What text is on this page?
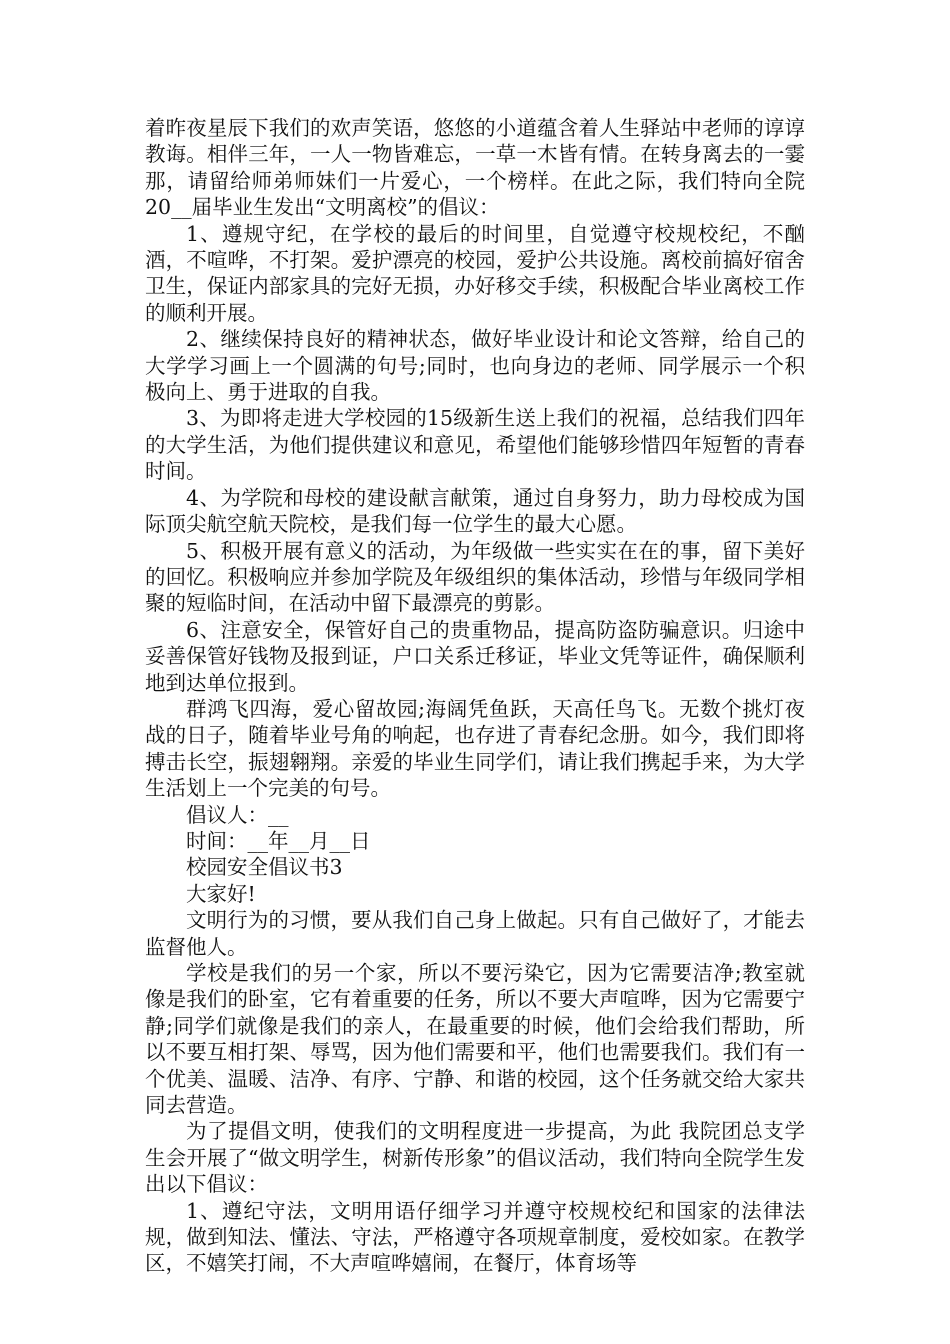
着昨夜星辰下我们的欢声笑语，悠悠的小道蕴含着人生驿站中老师的谆谆教诲。相伴三年，一人一物皆难忘，一草一木皆有情。在转身离去的一霎那，请留给师弟师妹们一片爱心，一个榜样。在此之际，我们特向全院20__届毕业生发出“文明离校”的倡议：

1、遵规守纪，在学校的最后的时间里，自觉遵守校规校纪，不酗酒，不喧哗，不打架。爱护漂亮的校园，爱护公共设施。离校前搞好宿舍卫生，保证内部家具的完好无损，办好移交手续，积极配合毕业离校工作的顺利开展。

2、继续保持良好的精神状态，做好毕业设计和论文答辩，给自己的大学学习画上一个圆满的句号;同时，也向身边的老师、同学展示一个积极向上、勇于进取的自我。

3、为即将走进大学校园的15级新生送上我们的祝福，总结我们四年的大学生活，为他们提供建议和意见，希望他们能够珍惜四年短暂的青春时间。

4、为学院和母校的建设献言献策，通过自身努力，助力母校成为国际顶尖航空航天院校，是我们每一位学生的最大心愿。

5、积极开展有意义的活动，为年级做一些实实在在的事，留下美好的回忆。积极响应并参加学院及年级组织的集体活动，珍惜与年级同学相聚的短临时间，在活动中留下最漂亮的剪影。

6、注意安全，保管好自己的贵重物品，提高防盗防骗意识。归途中妥善保管好钱物及报到证，户口关系迁移证，毕业文凭等证件，确保顺利地到达单位报到。

群鸿飞四海，爱心留故园;海阔凭鱼跃，天高任鸟飞。无数个挑灯夜战的日子，随着毕业号角的响起，也存进了青春纪念册。如今，我们即将搏击长空，振翅翱翔。亲爱的毕业生同学们，请让我们携起手来，为大学生活划上一个完美的句号。

倡议人：__

时间：__年__月__日

校园安全倡议书3

大家好!

文明行为的习惯，要从我们自己身上做起。只有自己做好了，才能去监督他人。

学校是我们的另一个家，所以不要污染它，因为它需要洁净;教室就像是我们的卧室，它有着重要的任务，所以不要大声喧哗，因为它需要宁静;同学们就像是我们的亲人，在最重要的时候，他们会给我们帮助，所以不要互相打架、辱骂，因为他们需要和平，他们也需要我们。我们有一个优美、温暖、洁净、有序、宁静、和谐的校园，这个任务就交给大家共同去营造。

为了提倡文明，使我们的文明程度进一步提高，为此 我院团总支学生会开展了“做文明学生，树新传形象”的倡议活动，我们特向全院学生发出以下倡议：

1、遵纪守法，文明用语仔细学习并遵守校规校纪和国家的法律法规，做到知法、懂法、守法，严格遵守各项规章制度，爱校如家。在教学区，不嬉笑打闹，不大声喧哗嬉闹，在餐厅，体育场等
